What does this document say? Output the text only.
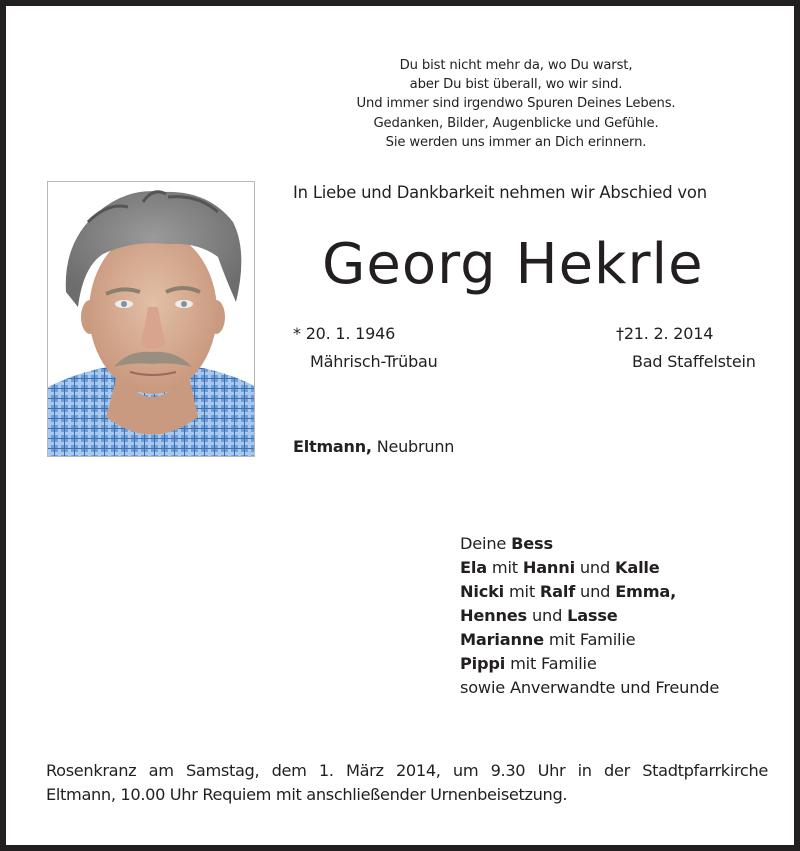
Du bist nicht mehr da, wo Du warst,
aber Du bist überall, wo wir sind.
Und immer sind irgendwo Spuren Deines Lebens.
Gedanken, Bilder, Augenblicke und Gefühle.
Sie werden uns immer an Dich erinnern.
In Liebe und Dankbarkeit nehmen wir Abschied von
Georg Hekrle
* 20. 1. 1946
Mährisch-Trübau
†21. 2. 2014
Bad Staffelstein
Eltmann, Neubrunn
Deine Bess
Ela mit Hanni und Kalle
Nicki mit Ralf und Emma,
Hennes und Lasse
Marianne mit Familie
Pippi mit Familie
sowie Anverwandte und Freunde
Rosenkranz am Samstag, dem 1. März 2014, um 9.30 Uhr in der Stadtpfarrkirche
Eltmann, 10.00 Uhr Requiem mit anschließender Urnenbeisetzung.
